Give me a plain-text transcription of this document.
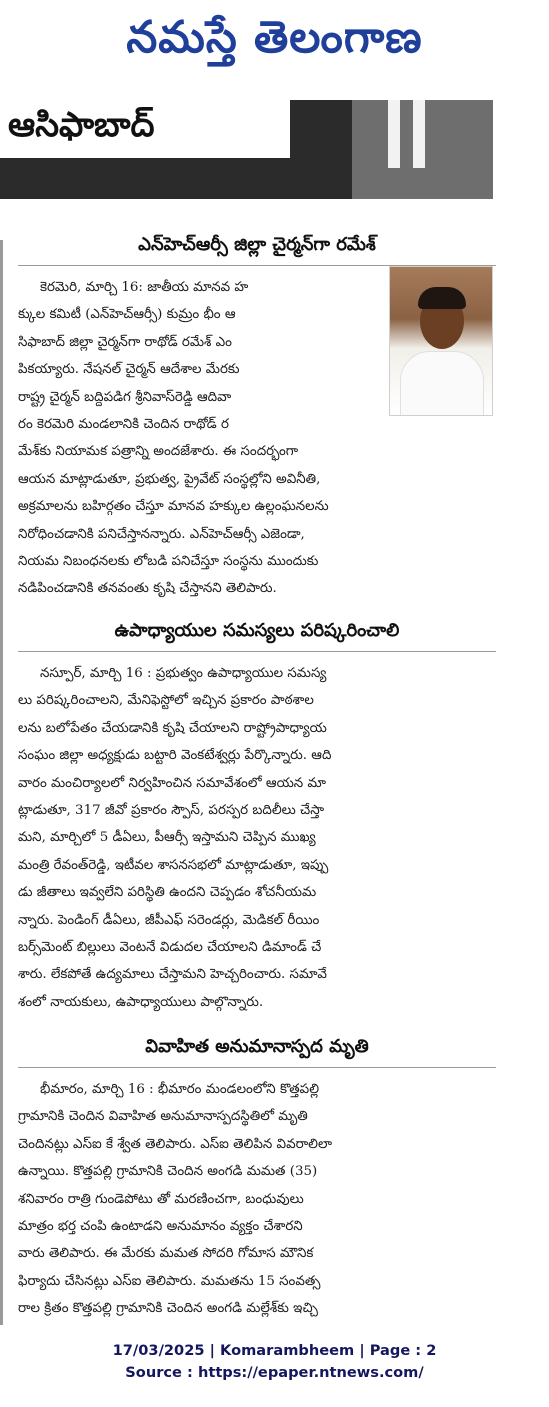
నమస్తే తెలంగాణ
ఆసిఫాబాద్
ఎన్‌హెచ్‌ఆర్సీ జిల్లా చైర్మన్‌గా రమేశ్
కెరమెరి, మార్చి 16: జాతీయ మానవ హ
క్కుల కమిటీ (ఎన్‌హెచ్‌ఆర్సీ) కుమ్రం భీం ఆ
సిఫాబాద్ జిల్లా చైర్మన్‌గా రాథోడ్ రమేశ్ ఎం
పికయ్యారు. నేషనల్ చైర్మన్ ఆదేశాల మేరకు
రాష్ట్ర చైర్మన్ బద్దిపడిగ శ్రీనివాస్‌రెడ్డి ఆదివా
రం కెరమెరి మండలానికి చెందిన రాథోడ్ ర
మేశ్‌కు నియామక పత్రాన్ని అందజేశారు. ఈ సందర్భంగా
ఆయన మాట్లాడుతూ, ప్రభుత్వ, ప్రైవేట్ సంస్థల్లోని అవినీతి,
అక్రమాలను బహిర్గతం చేస్తూ మానవ హక్కుల ఉల్లంఘనలను
నిరోధించడానికి పనిచేస్తానన్నారు. ఎన్‌హెచ్‌ఆర్సీ ఎజెండా,
నియమ నిబంధనలకు లోబడి పనిచేస్తూ సంస్థను ముందుకు
నడిపించడానికి తనవంతు కృషి చేస్తానని తెలిపారు.
ఉపాధ్యాయుల సమస్యలు పరిష్కరించాలి
నస్పూర్, మార్చి 16 : ప్రభుత్వం ఉపాధ్యాయుల సమస్య
లు పరిష్కరించాలని, మేనిఫెస్టోలో ఇచ్చిన ప్రకారం పాఠశాల
లను బలోపేతం చేయడానికి కృషి చేయాలని రాష్ట్రోపాధ్యాయ
సంఘం జిల్లా అధ్యక్షుడు బట్టారి వెంకటేశ్వర్లు పేర్కొన్నారు. ఆది
వారం మంచిర్యాలలో నిర్వహించిన సమావేశంలో ఆయన మా
ట్లాడుతూ, 317 జీవో ప్రకారం స్పౌస్, పరస్పర బదిలీలు చేస్తా
మని, మార్చిలో 5 డీఏలు, పీఆర్సీ ఇస్తామని చెప్పిన ముఖ్య
మంత్రి రేవంత్‌రెడ్డి, ఇటీవల శాసనసభలో మాట్లాడుతూ, ఇప్పు
డు జీతాలు ఇవ్వలేని పరిస్థితి ఉందని చెప్పడం శోచనీయమ
న్నారు. పెండింగ్ డీఏలు, జీపీఎఫ్ సరెండర్లు, మెడికల్ రీయిం
బర్స్‌మెంట్ బిల్లులు వెంటనే విడుదల చేయాలని డిమాండ్ చే
శారు. లేకపోతే ఉద్యమాలు చేస్తామని హెచ్చరించారు. సమావే
శంలో నాయకులు, ఉపాధ్యాయులు పాల్గొన్నారు.
వివాహిత అనుమానాస్పద మృతి
భీమారం, మార్చి 16 : భీమారం మండలంలోని కొత్తపల్లి
గ్రామానికి చెందిన వివాహిత అనుమానాస్పదస్థితిలో మృతి
చెందినట్లు ఎస్ఐ కే శ్వేత తెలిపారు. ఎస్ఐ తెలిపిన వివరాలిలా
ఉన్నాయి. కొత్తపల్లి గ్రామానికి చెందిన అంగడి మమత (35)
శనివారం రాత్రి గుండెపోటు తో మరణించగా, బంధువులు
మాత్రం భర్త చంపి ఉంటాడని అనుమానం వ్యక్తం చేశారని
వారు తెలిపారు. ఈ మేరకు మమత సోదరి గోమాస మౌనిక
ఫిర్యాదు చేసినట్లు ఎస్ఐ తెలిపారు. మమతను 15 సంవత్స
రాల క్రితం కొత్తపల్లి గ్రామానికి చెందిన అంగడి మల్లేశ్‌కు ఇచ్చి
17/03/2025 | Komarambheem | Page : 2
Source : https://epaper.ntnews.com/
